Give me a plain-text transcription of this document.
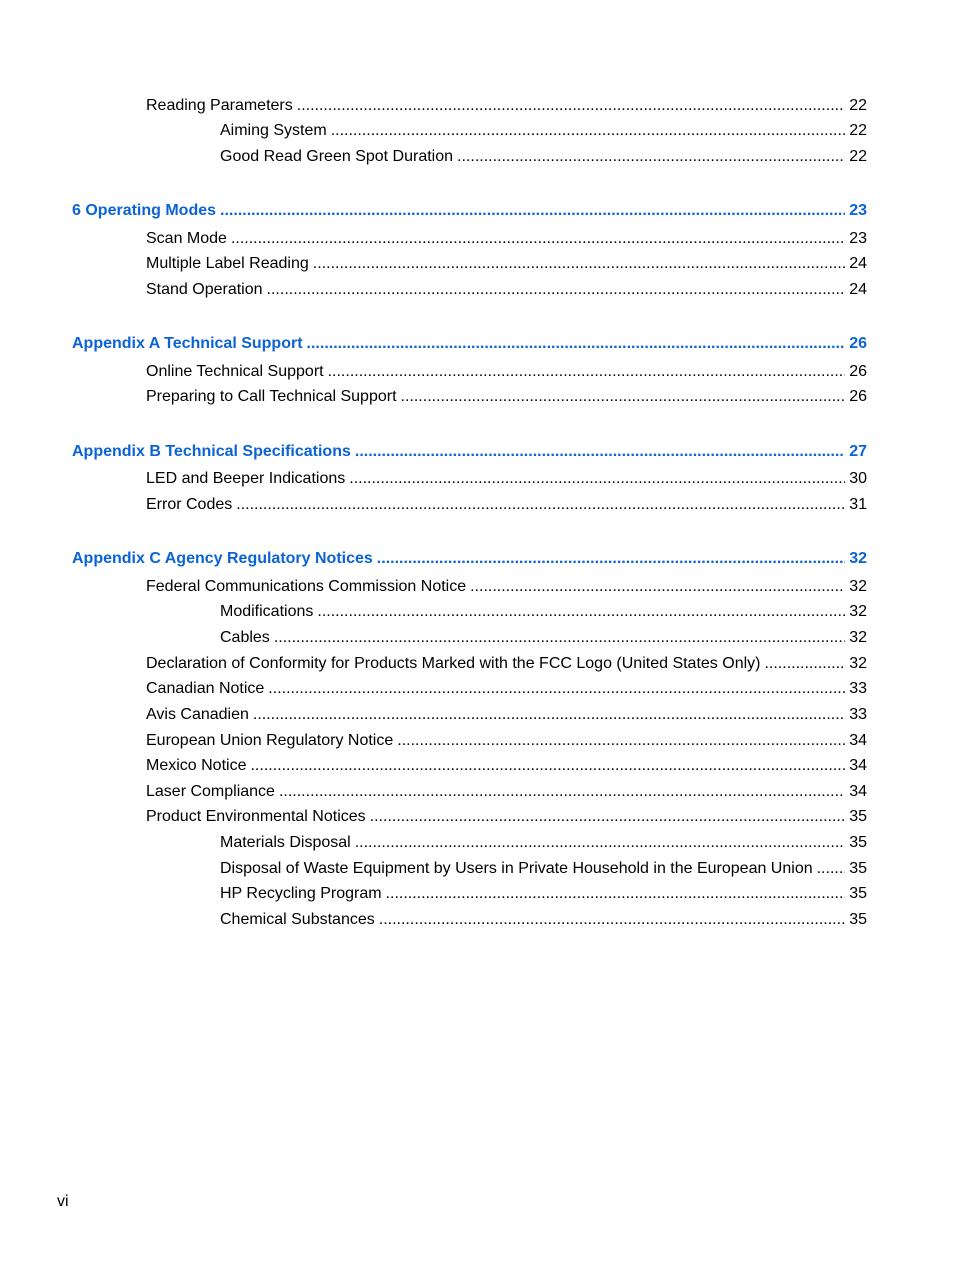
Reading Parameters .....	22
Aiming System .....	22
Good Read Green Spot Duration .....	22
6 Operating Modes .....	23
Scan Mode .....	23
Multiple Label Reading .....	24
Stand Operation .....	24
Appendix A Technical Support .....	26
Online Technical Support .....	26
Preparing to Call Technical Support .....	26
Appendix B Technical Specifications .....	27
LED and Beeper Indications .....	30
Error Codes .....	31
Appendix C Agency Regulatory Notices .....	32
Federal Communications Commission Notice .....	32
Modifications .....	32
Cables .....	32
Declaration of Conformity for Products Marked with the FCC Logo (United States Only) .....	32
Canadian Notice .....	33
Avis Canadien .....	33
European Union Regulatory Notice .....	34
Mexico Notice .....	34
Laser Compliance .....	34
Product Environmental Notices .....	35
Materials Disposal .....	35
Disposal of Waste Equipment by Users in Private Household in the European Union ..... 35
HP Recycling Program .....	35
Chemical Substances .....	35
vi
